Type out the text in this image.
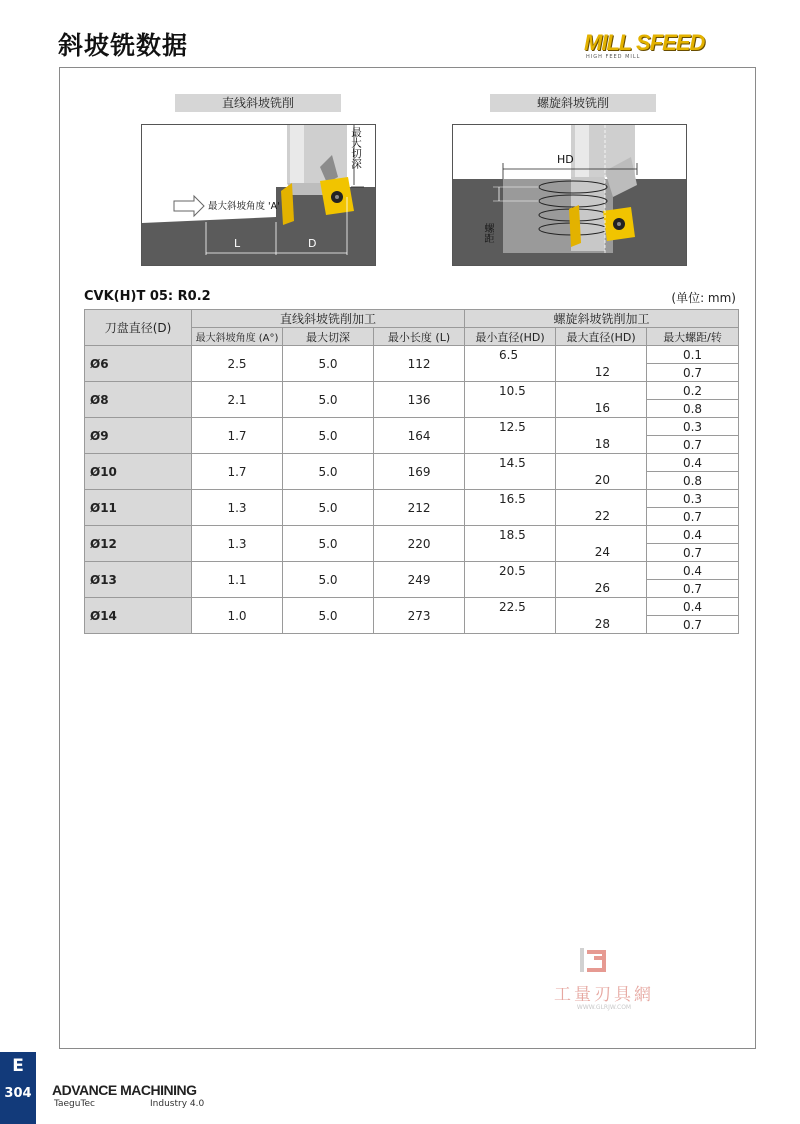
斜坡铣数据	MILL SFEED
HIGH FEED MILL
直线斜坡铣削
L	D
最大斜坡角度 'A'
最大切深
螺旋斜坡铣削
HD
螺距
CVK(H)T 05: R0.2	(单位: mm)
刀盘直径(D)	直线斜坡铣削加工			螺旋斜坡铣削加工		
	最大斜坡角度 (A°)	最大切深	最小长度 (L)	最小直径(HD)	最大直径(HD)	最大螺距/转
Ø6	2.5	5.0	112	6.5		0.1
					12	0.7
Ø8	2.1	5.0	136	10.5		0.2
					16	0.8
Ø9	1.7	5.0	164	12.5		0.3
					18	0.7
Ø10	1.7	5.0	169	14.5		0.4
					20	0.8
Ø11	1.3	5.0	212	16.5		0.3
					22	0.7
Ø12	1.3	5.0	220	18.5		0.4
					24	0.7
Ø13	1.1	5.0	249	20.5		0.4
					26	0.7
Ø14	1.0	5.0	273	22.5		0.4
					28	0.7
工量刃具網
WWW.GLRJW.COM
E
304	ADVANCE MACHINING
TaeguTec	Industry 4.0
